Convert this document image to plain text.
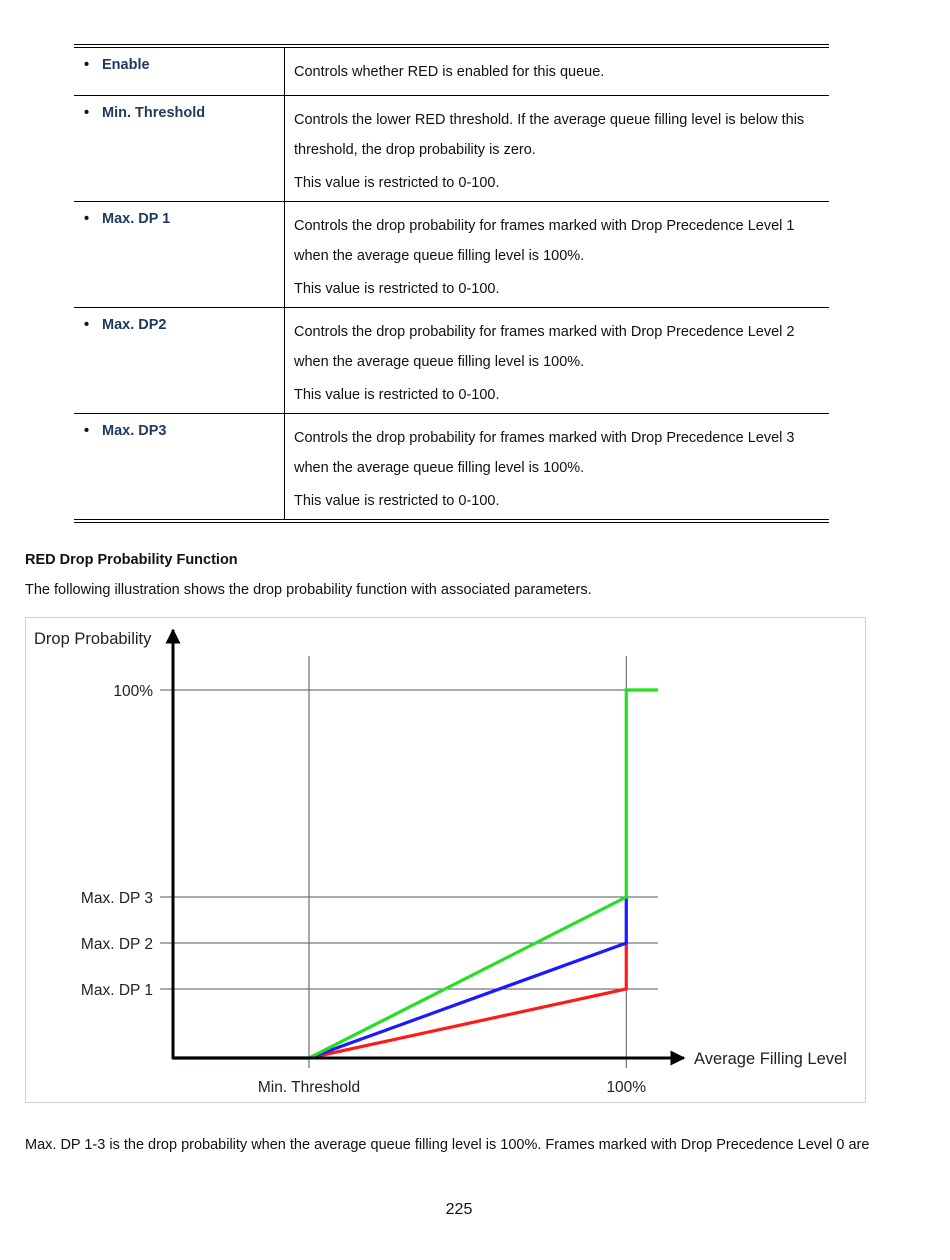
• Enable	Controls whether RED is enabled for this queue.

• Min. Threshold	Controls the lower RED threshold. If the average queue filling level is below this

threshold, the drop probability is zero.

This value is restricted to 0-100.

• Max. DP 1	Controls the drop probability for frames marked with Drop Precedence Level 1

when the average queue filling level is 100%.

This value is restricted to 0-100.

• Max. DP2	Controls the drop probability for frames marked with Drop Precedence Level 2

when the average queue filling level is 100%.

This value is restricted to 0-100.

• Max. DP3	Controls the drop probability for frames marked with Drop Precedence Level 3

when the average queue filling level is 100%.

This value is restricted to 0-100.

RED Drop Probability Function

The following illustration shows the drop probability function with associated parameters.

Max. DP 1
Max. DP 2
Max. DP 3
100%
Min. Threshold	100%
Drop Probability
Average Filling Level

Max. DP 1-3 is the drop probability when the average queue filling level is 100%. Frames marked with Drop Precedence Level 0 are

225
